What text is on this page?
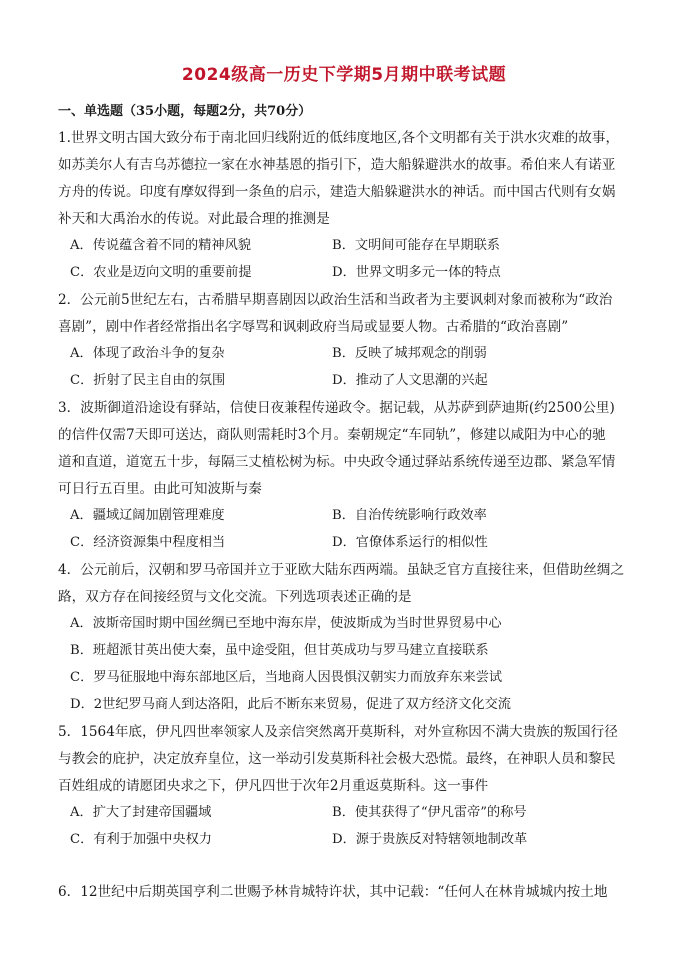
2024级高一历史下学期5月期中联考试题
一、单选题（35小题，每题2分，共70分）
1.世界文明古国大致分布于南北回归线附近的低纬度地区,各个文明都有关于洪水灾难的故事，
如苏美尔人有吉乌苏德拉一家在水神基恩的指引下，造大船躲避洪水的故事。希伯来人有诺亚
方舟的传说。印度有摩奴得到一条鱼的启示，建造大船躲避洪水的神话。而中国古代则有女娲
补天和大禹治水的传说。对此最合理的推测是
A．传说蕴含着不同的精神风貌	B．文明间可能存在早期联系
C．农业是迈向文明的重要前提	D．世界文明多元一体的特点
2．公元前5世纪左右，古希腊早期喜剧因以政治生活和当政者为主要讽刺对象而被称为“政治
喜剧”，剧中作者经常指出名字辱骂和讽刺政府当局或显要人物。古希腊的“政治喜剧”
A．体现了政治斗争的复杂	B．反映了城邦观念的削弱
C．折射了民主自由的氛围	D．推动了人文思潮的兴起
3．波斯御道沿途设有驿站，信使日夜兼程传递政令。据记载，从苏萨到萨迪斯(约2500公里)
的信件仅需7天即可送达，商队则需耗时3个月。秦朝规定“车同轨”，修建以咸阳为中心的驰
道和直道，道宽五十步，每隔三丈植松树为标。中央政令通过驿站系统传递至边郡、紧急军情
可日行五百里。由此可知波斯与秦
A．疆域辽阔加剧管理难度	B．自治传统影响行政效率
C．经济资源集中程度相当	D．官僚体系运行的相似性
4．公元前后，汉朝和罗马帝国并立于亚欧大陆东西两端。虽缺乏官方直接往来，但借助丝绸之
路，双方存在间接经贸与文化交流。下列选项表述正确的是
A．波斯帝国时期中国丝绸已至地中海东岸，使波斯成为当时世界贸易中心
B．班超派甘英出使大秦，虽中途受阻，但甘英成功与罗马建立直接联系
C．罗马征服地中海东部地区后，当地商人因畏惧汉朝实力而放弃东来尝试
D．2世纪罗马商人到达洛阳，此后不断东来贸易，促进了双方经济文化交流
5．1564年底，伊凡四世率领家人及亲信突然离开莫斯科，对外宣称因不满大贵族的叛国行径
与教会的庇护，决定放弃皇位，这一举动引发莫斯科社会极大恐慌。最终，在神职人员和黎民
百姓组成的请愿团央求之下，伊凡四世于次年2月重返莫斯科。这一事件
A．扩大了封建帝国疆域	B．使其获得了“伊凡雷帝”的称号
C．有利于加强中央权力	D．源于贵族反对特辖领地制改革
6．12世纪中后期英国亨利二世赐予林肯城特许状，其中记载：“任何人在林肯城城内按土地
